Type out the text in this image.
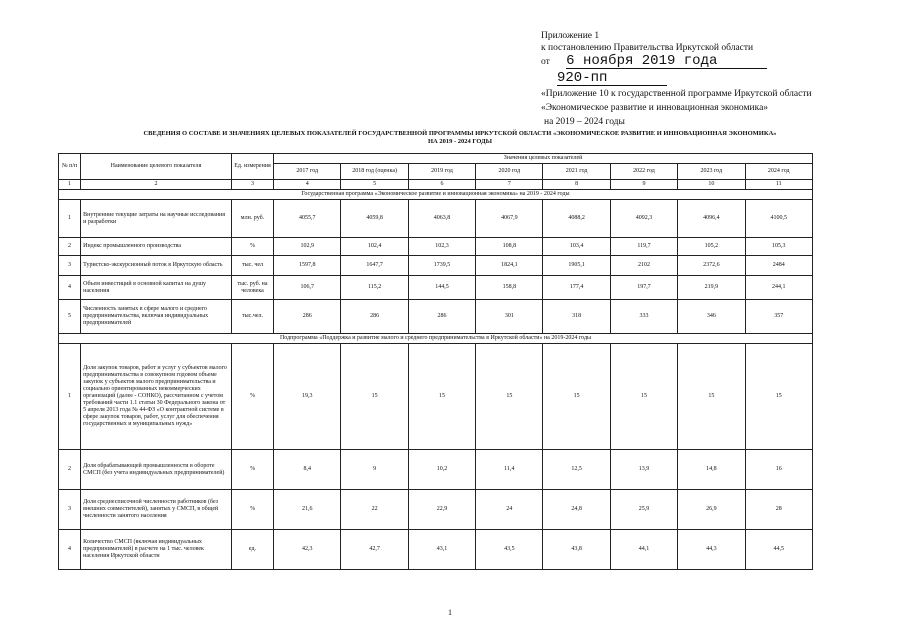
Приложение 1
к постановлению Правительства Иркутской области
от 6 ноября 2019 года
920-пп
«Приложение 10 к государственной программе Иркутской области
«Экономическое развитие и инновационная экономика»
на 2019 – 2024 годы
СВЕДЕНИЯ О СОСТАВЕ И ЗНАЧЕНИЯХ ЦЕЛЕВЫХ ПОКАЗАТЕЛЕЙ ГОСУДАРСТВЕННОЙ ПРОГРАММЫ ИРКУТСКОЙ ОБЛАСТИ «ЭКОНОМИЧЕСКОЕ РАЗВИТИЕ И ИННОВАЦИОННАЯ ЭКОНОМИКА»
НА 2019 - 2024 ГОДЫ
№ п/п	Наименование целевого показателя	Ед. измерения	Значения целевых показателей							
			2017 год	2018 год (оценка)	2019 год	2020 год	2021 год	2022 год	2023 год	2024 год
1	2	3	4	5	6	7	8	9	10	11
Государственная программа «Экономическое развитие и инновационная экономика» на 2019 - 2024 годы										
1	Внутренние текущие затраты на научные исследования и разработки	млн. руб.	4055,7	4059,8	4063,8	4067,9	4088,2	4092,3	4096,4	4100,5
2	Индекс промышленного производства	%	102,9	102,4	102,3	108,8	103,4	119,7	105,2	105,3
3	Туристско-экскурсионный поток в Иркутскую область	тыс. чел	1597,8	1647,7	1739,5	1824,1	1905,1	2102	2372,6	2484
4	Объем инвестиций в основной капитал на душу населения	тыс. руб. на человека	106,7	115,2	144,5	158,8	177,4	197,7	219,9	244,1
5	Численность занятых в сфере малого и среднего предпринимательства, включая индивидуальных предпринимателей	тыс.чел.	286	286	286	301	318	333	346	357
Подпрограмма «Поддержка и развитие малого и среднего предпринимательства в Иркутской области» на 2019-2024 годы										
1	Доля закупок товаров, работ и услуг у субъектов малого предпринимательства в совокупном годовом объеме закупок у субъектов малого предпринимательства и социально ориентированных некоммерческих организаций (далее - СОНКО), рассчитанном с учетом требований части 1.1 статьи 30 Федерального закона от 5 апреля 2013 года № 44-ФЗ «О контрактной системе в сфере закупок товаров, работ, услуг для обеспечения государственных и муниципальных нужд»	%	19,3	15	15	15	15	15	15	15
2	Доля обрабатывающей промышленности в обороте СМСП (без учета индивидуальных предпринимателей)	%	8,4	9	10,2	11,4	12,5	13,9	14,8	16
3	Доля среднесписочной численности работников (без внешних совместителей), занятых у СМСП, в общей численности занятого населения	%	21,6	22	22,9	24	24,8	25,9	26,9	28
4	Количество СМСП (включая индивидуальных предпринимателей) в расчете на 1 тыс. человек населения Иркутской области	ед.	42,3	42,7	43,1	43,5	43,8	44,1	44,3	44,5
1
